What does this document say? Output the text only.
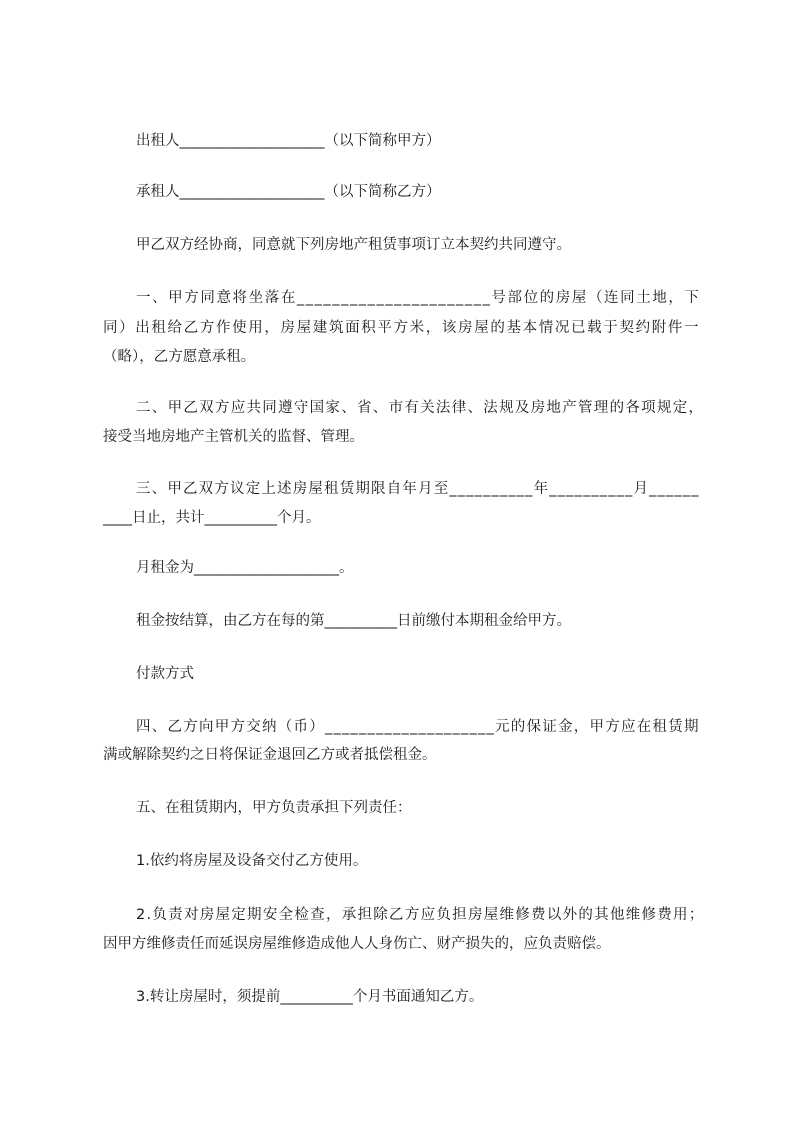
出租人____________________（以下简称甲方）
承租人____________________（以下简称乙方）
甲乙双方经协商，同意就下列房地产租赁事项订立本契约共同遵守。
一、甲方同意将坐落在______________________号部位的房屋（连同土地，下
同）出租给乙方作使用，房屋建筑面积平方米，该房屋的基本情况已载于契约附件一
（略），乙方愿意承租。
二、甲乙双方应共同遵守国家、省、市有关法律、法规及房地产管理的各项规定，
接受当地房地产主管机关的监督、管理。
三、甲乙双方议定上述房屋租赁期限自年月至__________年__________月______
____日止，共计__________个月。
月租金为____________________。
租金按结算，由乙方在每的第__________日前缴付本期租金给甲方。
付款方式
四、乙方向甲方交纳（币）____________________元的保证金，甲方应在租赁期
满或解除契约之日将保证金退回乙方或者抵偿租金。
五、在租赁期内，甲方负责承担下列责任：
1.依约将房屋及设备交付乙方使用。
2.负责对房屋定期安全检查，承担除乙方应负担房屋维修费以外的其他维修费用；
因甲方维修责任而延误房屋维修造成他人人身伤亡、财产损失的，应负责赔偿。
3.转让房屋时，须提前__________个月书面通知乙方。
